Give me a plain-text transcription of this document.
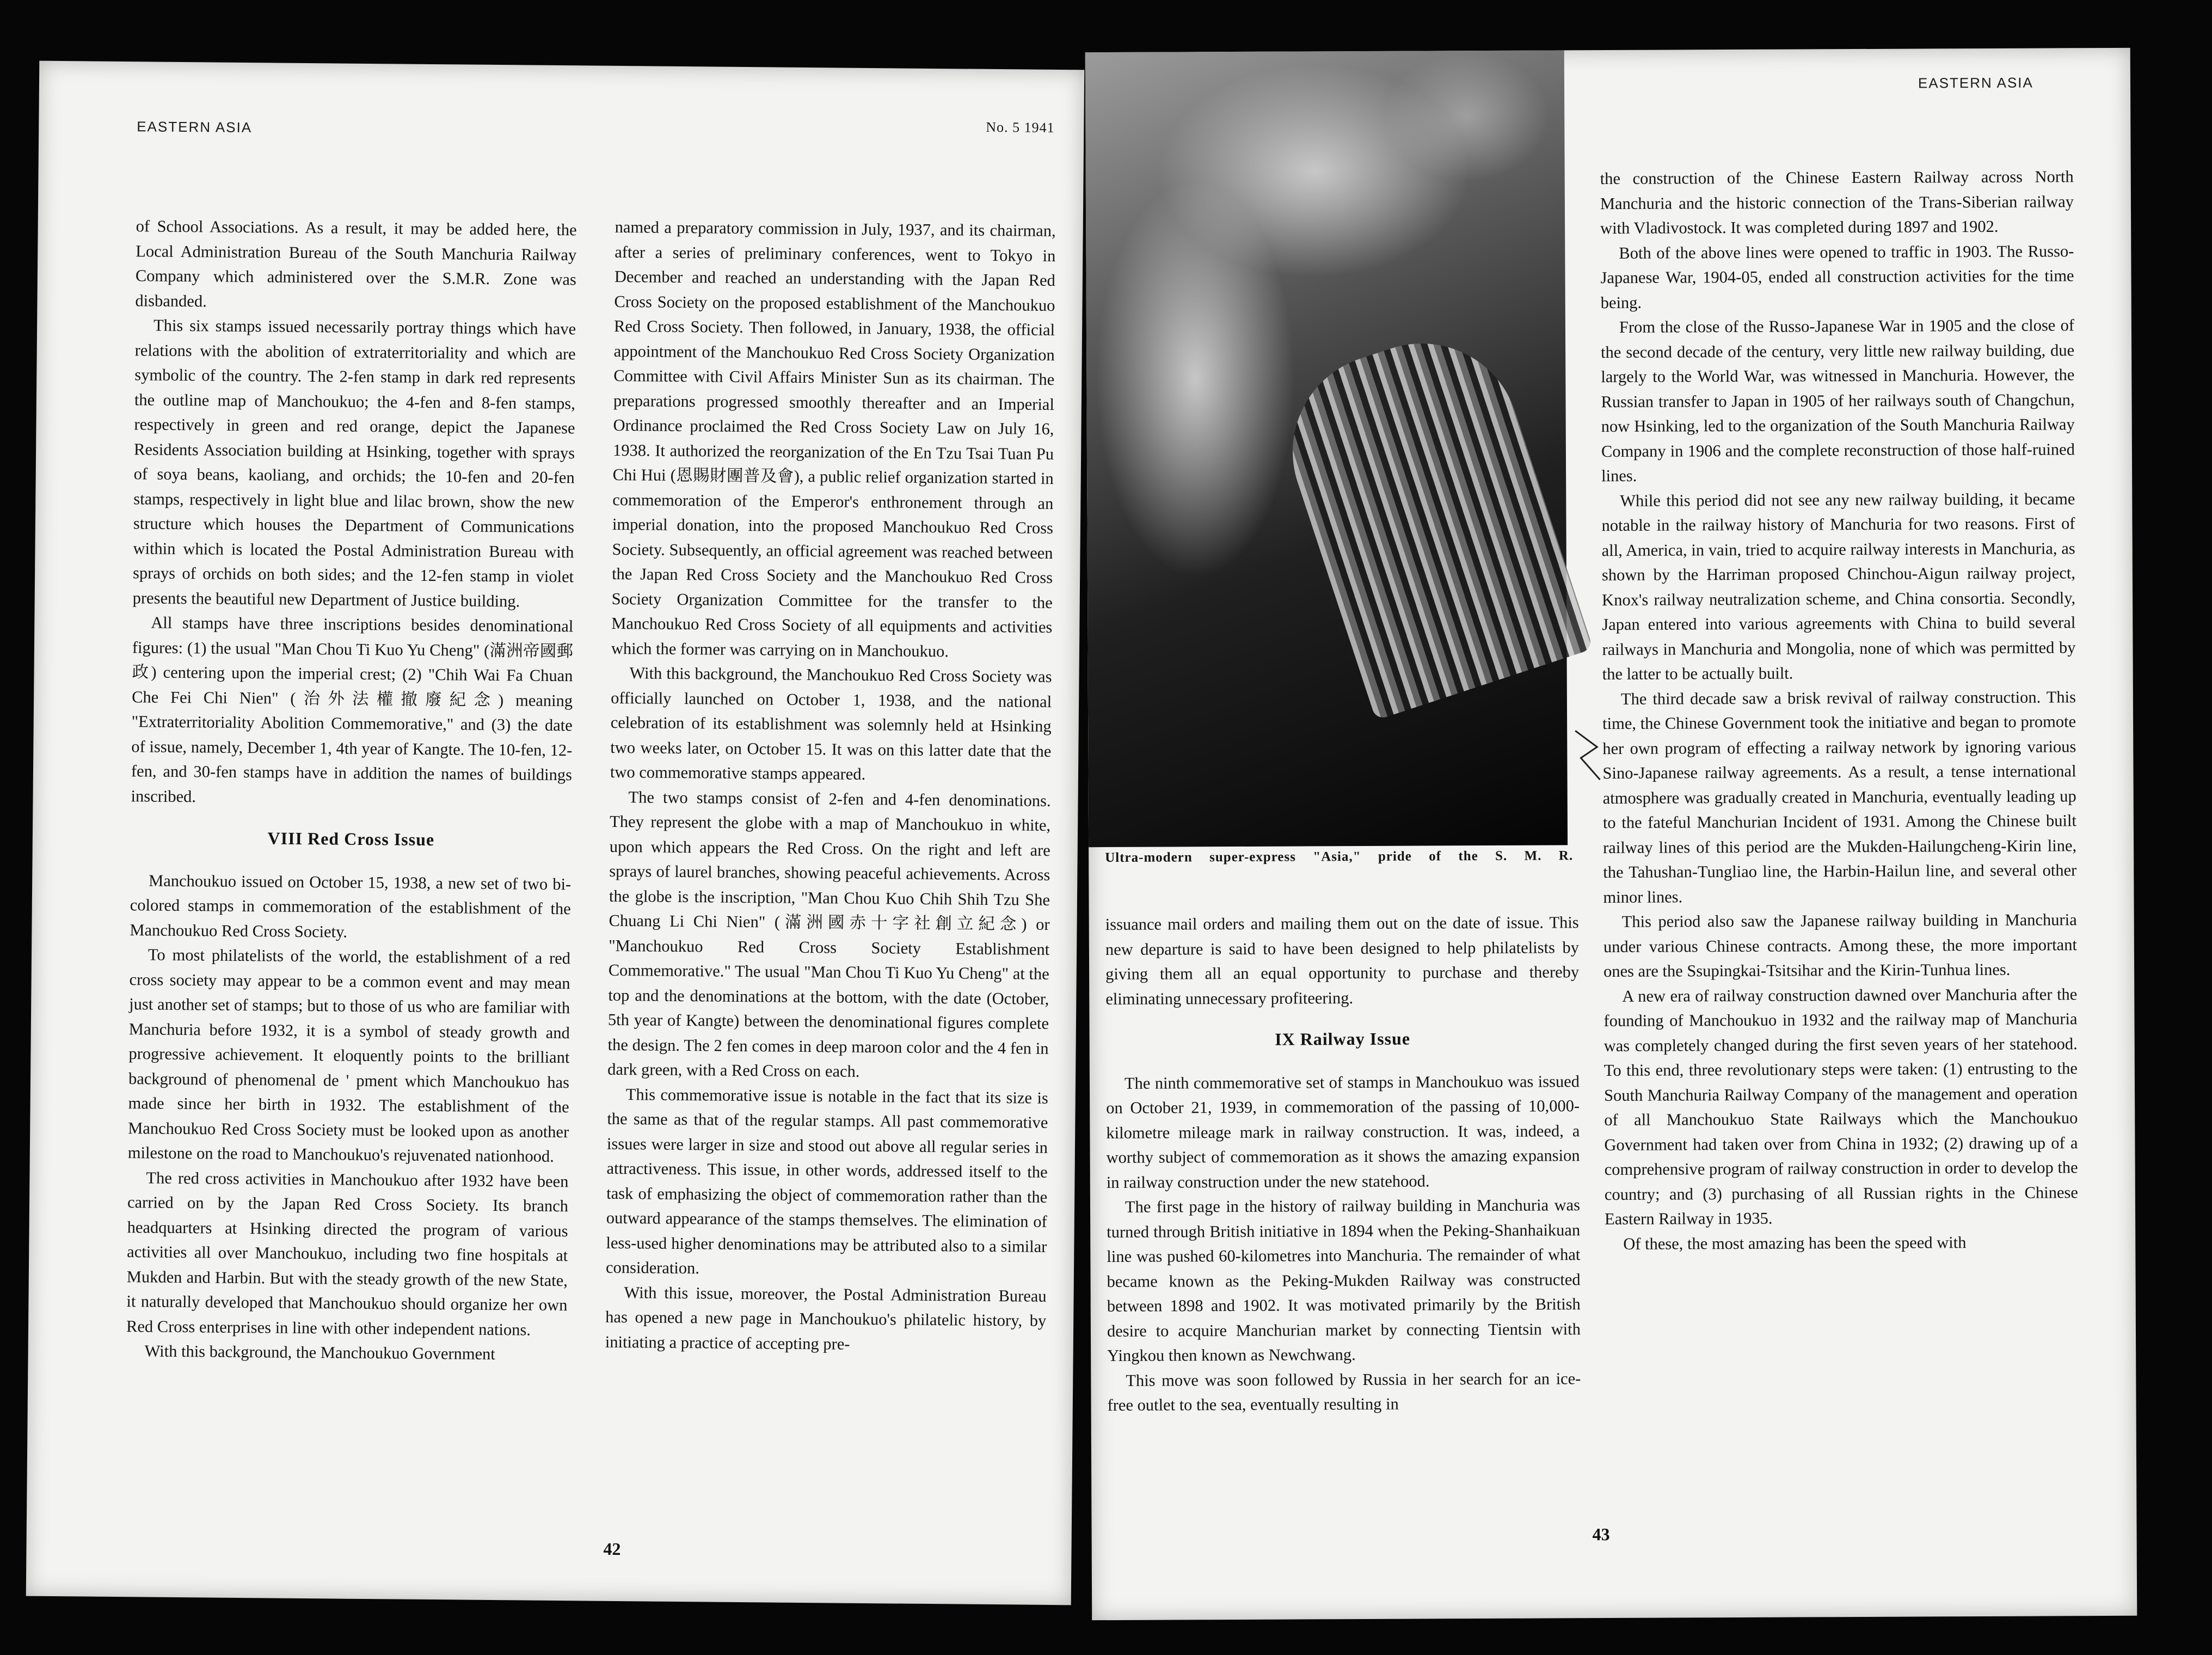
EASTERN ASIA	No. 5 1941

of School Associations. As a result, it may be added here, the Local Administration Bureau of the South Manchuria Railway Company which administered over the S.M.R. Zone was disbanded.

This six stamps issued necessarily portray things which have relations with the abolition of extraterritoriality and which are symbolic of the country. The 2-fen stamp in dark red represents the outline map of Manchoukuo; the 4-fen and 8-fen stamps, respectively in green and red orange, depict the Japanese Residents Association building at Hsinking, together with sprays of soya beans, kaoliang, and orchids; the 10-fen and 20-fen stamps, respectively in light blue and lilac brown, show the new structure which houses the Department of Communications within which is located the Postal Administration Bureau with sprays of orchids on both sides; and the 12-fen stamp in violet presents the beautiful new Department of Justice building.

All stamps have three inscriptions besides denominational figures: (1) the usual "Man Chou Ti Kuo Yu Cheng" (滿洲帝國郵政) centering upon the imperial crest; (2) "Chih Wai Fa Chuan Che Fei Chi Nien" (治外法權撤廢紀念) meaning "Extraterritoriality Abolition Commemorative," and (3) the date of issue, namely, December 1, 4th year of Kangte. The 10-fen, 12-fen, and 30-fen stamps have in addition the names of buildings inscribed.

VIII Red Cross Issue

Manchoukuo issued on October 15, 1938, a new set of two bi-colored stamps in commemoration of the establishment of the Manchoukuo Red Cross Society.

To most philatelists of the world, the establishment of a red cross society may appear to be a common event and may mean just another set of stamps; but to those of us who are familiar with Manchuria before 1932, it is a symbol of steady growth and progressive achievement. It eloquently points to the brilliant background of phenomenal de ' pment which Manchoukuo has made since her birth in 1932. The establishment of the Manchoukuo Red Cross Society must be looked upon as another milestone on the road to Manchoukuo's rejuvenated nationhood.

The red cross activities in Manchoukuo after 1932 have been carried on by the Japan Red Cross Society. Its branch headquarters at Hsinking directed the program of various activities all over Manchoukuo, including two fine hospitals at Mukden and Harbin. But with the steady growth of the new State, it naturally developed that Manchoukuo should organize her own Red Cross enterprises in line with other independent nations.

With this background, the Manchoukuo Government

named a preparatory commission in July, 1937, and its chairman, after a series of preliminary conferences, went to Tokyo in December and reached an understanding with the Japan Red Cross Society on the proposed establishment of the Manchoukuo Red Cross Society. Then followed, in January, 1938, the official appointment of the Manchoukuo Red Cross Society Organization Committee with Civil Affairs Minister Sun as its chairman. The preparations progressed smoothly thereafter and an Imperial Ordinance proclaimed the Red Cross Society Law on July 16, 1938. It authorized the reorganization of the En Tzu Tsai Tuan Pu Chi Hui (恩賜財團普及會), a public relief organization started in commemoration of the Emperor's enthronement through an imperial donation, into the proposed Manchoukuo Red Cross Society. Subsequently, an official agreement was reached between the Japan Red Cross Society and the Manchoukuo Red Cross Society Organization Committee for the transfer to the Manchoukuo Red Cross Society of all equipments and activities which the former was carrying on in Manchoukuo.

With this background, the Manchoukuo Red Cross Society was officially launched on October 1, 1938, and the national celebration of its establishment was solemnly held at Hsinking two weeks later, on October 15. It was on this latter date that the two commemorative stamps appeared.

The two stamps consist of 2-fen and 4-fen denominations. They represent the globe with a map of Manchoukuo in white, upon which appears the Red Cross. On the right and left are sprays of laurel branches, showing peaceful achievements. Across the globe is the inscription, "Man Chou Kuo Chih Shih Tzu She Chuang Li Chi Nien" (滿洲國赤十字社創立紀念) or "Manchoukuo Red Cross Society Establishment Commemorative." The usual "Man Chou Ti Kuo Yu Cheng" at the top and the denominations at the bottom, with the date (October, 5th year of Kangte) between the denominational figures complete the design. The 2 fen comes in deep maroon color and the 4 fen in dark green, with a Red Cross on each.

This commemorative issue is notable in the fact that its size is the same as that of the regular stamps. All past commemorative issues were larger in size and stood out above all regular series in attractiveness. This issue, in other words, addressed itself to the task of emphasizing the object of commemoration rather than the outward appearance of the stamps themselves. The elimination of less-used higher denominations may be attributed also to a similar consideration.

With this issue, moreover, the Postal Administration Bureau has opened a new page in Manchoukuo's philatelic history, by initiating a practice of accepting pre-

42
Ultra-modern super-express "Asia," pride of the S. M. R.
EASTERN ASIA

issuance mail orders and mailing them out on the date of issue. This new departure is said to have been designed to help philatelists by giving them all an equal opportunity to purchase and thereby eliminating unnecessary profiteering.

IX Railway Issue

The ninth commemorative set of stamps in Manchoukuo was issued on October 21, 1939, in commemoration of the passing of 10,000-kilometre mileage mark in railway construction. It was, indeed, a worthy subject of commemoration as it shows the amazing expansion in railway construction under the new statehood.

The first page in the history of railway building in Manchuria was turned through British initiative in 1894 when the Peking-Shanhaikuan line was pushed 60-kilometres into Manchuria. The remainder of what became known as the Peking-Mukden Railway was constructed between 1898 and 1902. It was motivated primarily by the British desire to acquire Manchurian market by connecting Tientsin with Yingkou then known as Newchwang.

This move was soon followed by Russia in her search for an ice-free outlet to the sea, eventually resulting in

the construction of the Chinese Eastern Railway across North Manchuria and the historic connection of the Trans-Siberian railway with Vladivostock. It was completed during 1897 and 1902.

Both of the above lines were opened to traffic in 1903. The Russo-Japanese War, 1904-05, ended all construction activities for the time being.

From the close of the Russo-Japanese War in 1905 and the close of the second decade of the century, very little new railway building, due largely to the World War, was witnessed in Manchuria. However, the Russian transfer to Japan in 1905 of her railways south of Changchun, now Hsinking, led to the organization of the South Manchuria Railway Company in 1906 and the complete reconstruction of those half-ruined lines.

While this period did not see any new railway building, it became notable in the railway history of Manchuria for two reasons. First of all, America, in vain, tried to acquire railway interests in Manchuria, as shown by the Harriman proposed Chinchou-Aigun railway project, Knox's railway neutralization scheme, and China consortia. Secondly, Japan entered into various agreements with China to build several railways in Manchuria and Mongolia, none of which was permitted by the latter to be actually built.

The third decade saw a brisk revival of railway construction. This time, the Chinese Government took the initiative and began to promote her own program of effecting a railway network by ignoring various Sino-Japanese railway agreements. As a result, a tense international atmosphere was gradually created in Manchuria, eventually leading up to the fateful Manchurian Incident of 1931. Among the Chinese built railway lines of this period are the Mukden-Hailungcheng-Kirin line, the Tahushan-Tungliao line, the Harbin-Hailun line, and several other minor lines.

This period also saw the Japanese railway building in Manchuria under various Chinese contracts. Among these, the more important ones are the Ssupingkai-Tsitsihar and the Kirin-Tunhua lines.

A new era of railway construction dawned over Manchuria after the founding of Manchoukuo in 1932 and the railway map of Manchuria was completely changed during the first seven years of her statehood. To this end, three revolutionary steps were taken: (1) entrusting to the South Manchuria Railway Company of the management and operation of all Manchoukuo State Railways which the Manchoukuo Government had taken over from China in 1932; (2) drawing up of a comprehensive program of railway construction in order to develop the country; and (3) purchasing of all Russian rights in the Chinese Eastern Railway in 1935.

Of these, the most amazing has been the speed with

43
